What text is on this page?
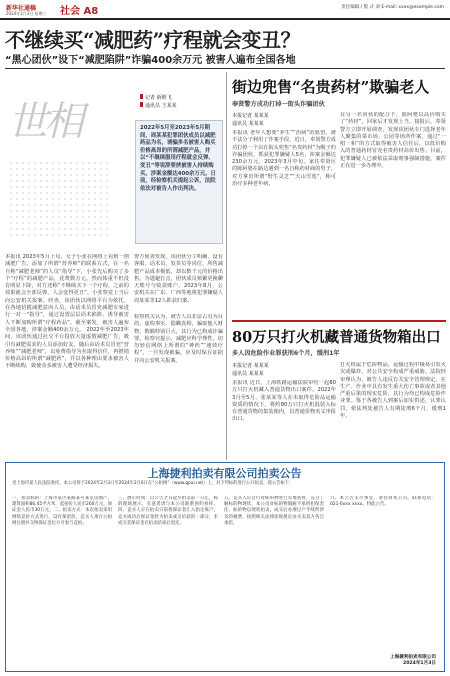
新华社通稿
2024年1月3日 星期三 社会 A8	责任编辑 / 版 式 刘 E-mail: xxxx@example.com
不继续买“减肥药”疗程就会变丑？
“黑心团伙”设下“减肥陷阱”诈骗400余万元 被害人遍布全国各地
世相
记者 薛维飞
通讯员 王某某
2022年5月至2023年5月期间，周某某犯罪团伙成员以减肥药品为名，诱骗多名被害人购买价格高昂的所谓减肥产品，并以“不继续服用疗程就会反弹、变丑”等说辞要挟被害人持续购买，涉案金额达400余万元。日前，经检察机关提起公诉，法院依法对被告人作出判决。
本报讯 2023年5月上旬，女子小张在网络上看到一则减肥广告，添加了所谓“营养师”的联系方式。在一名自称“减肥老师”的人员“指导”下，小张先后购买了多个“疗程”的减肥产品，花费数万元。然而体重不但没有明显下降，对方还称“不继续买下一个疗程，之前的效果就会全部反弹，人会变得更丑”。小张察觉上当后向公安机关报案。经查，该团伙以网络平台为依托，在各地招揽减肥意向人员，由话术员冒充减肥专家进行一对一“指导”，通过设置层层话术陷阱，诱导被害人不断加购所谓“疗程药品”。截至案发，被害人遍布全国各地，涉案金额400余万元。 2022年至2023年间，该团伙通过社交平台投放大量虚假减肥广告，吸引有减肥需求的人员添加好友。随后由话术员冒充“营养师”“减肥老师”，以免费指导为名取得信任，再推销价格高昂的所谓“减肥药”，并以各种理由要求被害人不断续购，致使众多被害人遭受经济损失。
警方侦查发现，该团伙分工明确，设有客服、话术员、发货员等岗位，所售减肥产品成本极低，却以数千元的价格出售。为逃避打击，团伙成员频繁更换聊天账号与收款账户。2023年8月，公安机关在广东、广西等地将犯罪嫌疑人周某某等12人抓获归案。
检察机关认为，被告人以非法占有为目的，虚构事实、隐瞒真相，骗取他人财物，数额特别巨大，其行为已构成诈骗罪。检察官提示，减肥应科学理性，切勿轻信网络上所谓的“神药”“速效疗程”，一旦发现被骗，应及时保存证据并向公安机关报案。
街边兜售“名贵药材”欺骗老人
奉贤警方成功打掉一街头诈骗团伙
本报记者 某某某
通讯员 某某某
本报讯 老年人想要“养生”“治病”的愿望，被不法分子利用了作案手段。近日，奉贤警方成功打掉一个以在街头兜售“名贵药材”为幌子的诈骗团伙，抓获犯罪嫌疑人5名，涉案金额达230余万元。2023年3月中旬，家住奉贤区的陈阿婆在路边遇到一名自称药材商的男子，对方拿出所谓“野生灵芝”“天山雪莲”，称可治疗多种老年病。
在另一名同伙的配合下，陈阿婆以高价购买了“药材”，回家后才发现上当。接报后，奉贤警方立即开展调查，发现该团伙专门选择老年人聚集的菜市场、公园等场所作案，通过“一唱一和”的方式取得被害人信任后，以低价购入的普通药材冒充名贵药材高价出售。目前，犯罪嫌疑人已被依法采取刑事强制措施，案件正在进一步办理中。
80万只打火机藏普通货物箱出口
多人因危险作业罪获刑6个月，缓刑1年
本报记者 某某某
通讯员 某某某
本报讯 近日，上海铁路运输法院审结一起80万只打火机藏入普通货物出口案件。2022年3月至5月，张某某等人在未取得危险品运输资质的情况下，将约80万只打火机混装入标有普通货物的集装箱内，以普通货物名义申报出口。
打火机属于危险物品，运输过程中极易引发火灾或爆炸，对公共安全构成严重威胁。法院经审理认为，被告人违反有关安全管理规定，在生产、作业中具有发生重大伤亡事故或者其他严重后果的现实危险，其行为均已构成危险作业罪。鉴于各被告人到案后如实供述，认罪认罚，依法判处被告人有期徒刑6个月，缓刑1年。
上海捷利拍卖有限公司拍卖公告
受上海市某人民法院委托，本公司将于2024年2月3日至2024年2月6日在“公拍网”（www.gpai.net）上，对下列标的进行公开拍卖，现公告如下：
一、拍卖标的：上海市某区某路某号某室房地产，建筑面积86.45平方米，起拍价人民币260万元，保证金人民币30万元。二、拍卖方式：本次拍卖采用网络竞价方式进行，设有保留价，竞买人须在公拍网注册并交纳保证金后方可参与竞拍。
三、展示时间：自公告之日起至拍卖前一日止，标的现场展示，有意者请与本公司联系预约看样。四、竞买人应在拍卖日前将保证金汇入指定账户，竞买成功后保证金转为拍卖成交价款的一部分，未成交者保证金在拍卖结束后退还。
五、竞买人应自行对标的物进行实地查看，充分了解标的物现状，本公司对标的物瑕疵不承担担保责任。标的物以现状拍卖，成交后办理过户手续所涉及的税费，按照相关法律法规规定由买卖双方各自承担。
六、本公告未尽事宜，请咨询本公司。联系电话：021-6xxx xxxx。特此公告。
上海捷利拍卖有限公司
2024年1月3日
